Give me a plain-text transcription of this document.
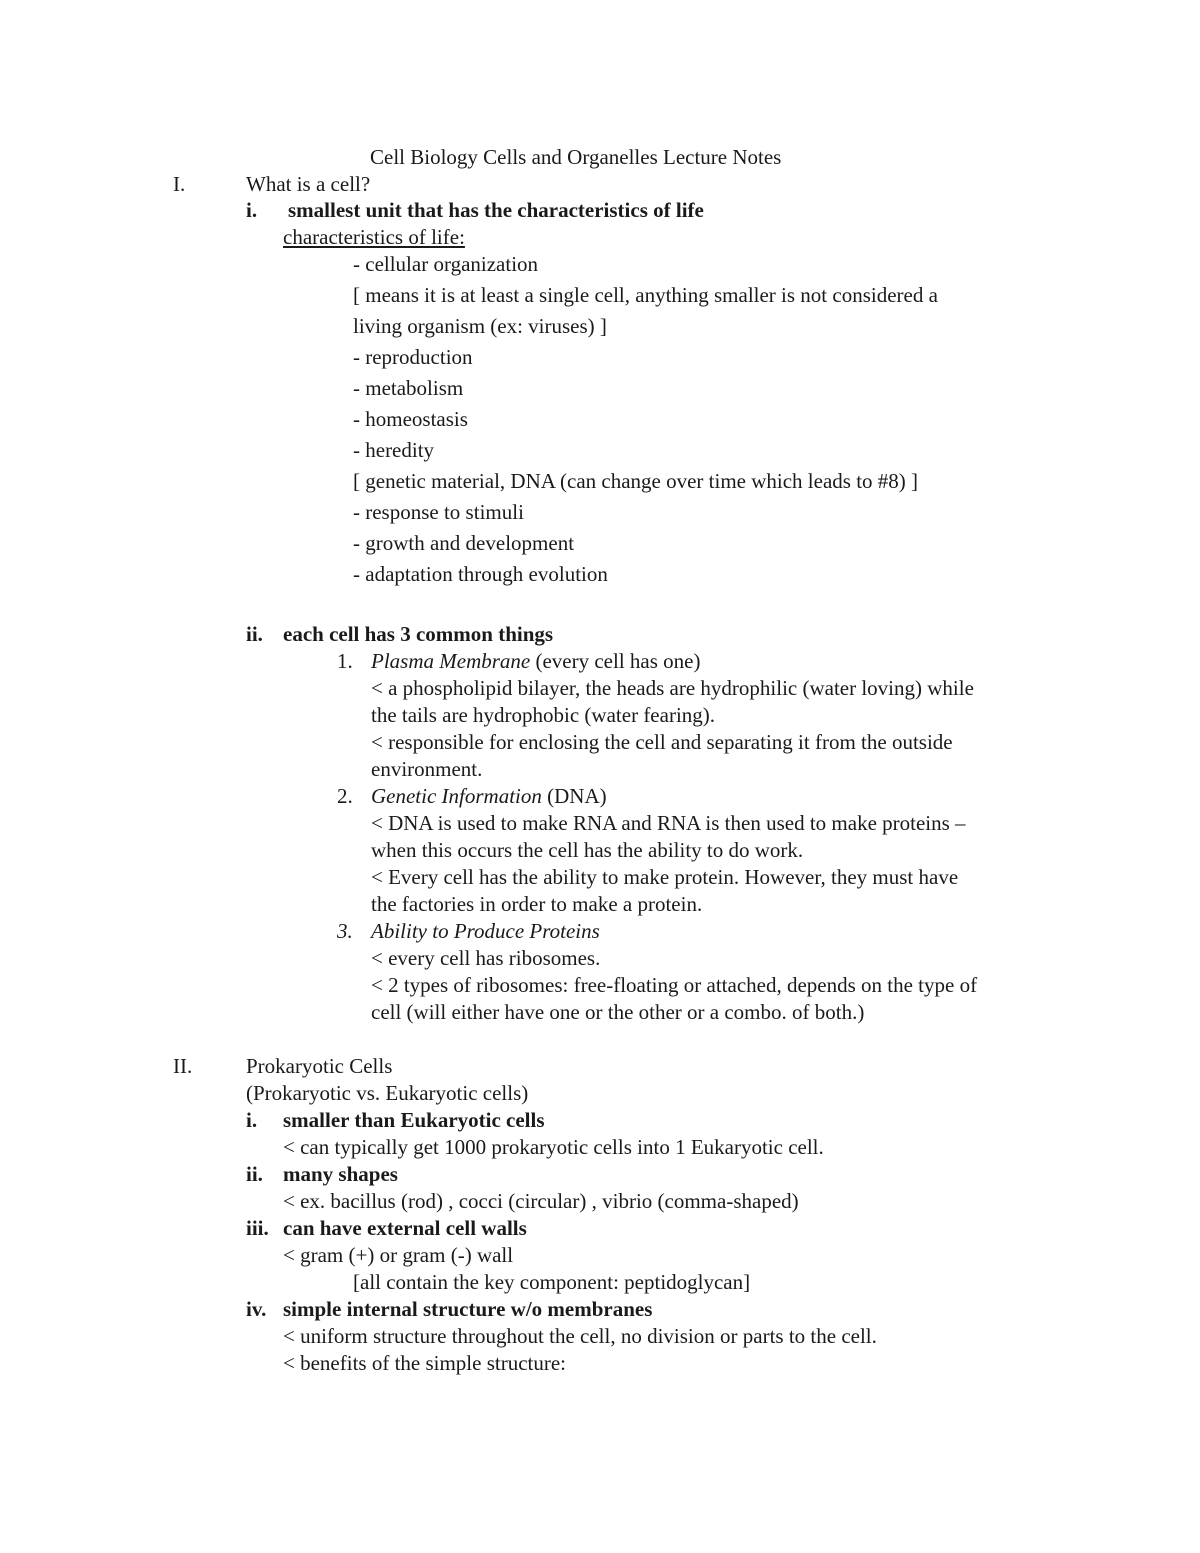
Cell Biology Cells and Organelles Lecture Notes
I.	What is a cell?
i. smallest unit that has the characteristics of life
characteristics of life:
- cellular organization
[ means it is at least a single cell, anything smaller is not considered a
living organism (ex: viruses) ]
- reproduction
- metabolism
- homeostasis
- heredity
[ genetic material, DNA (can change over time which leads to #8) ]
- response to stimuli
- growth and development
- adaptation through evolution
ii. each cell has 3 common things
1. Plasma Membrane (every cell has one)
< a phospholipid bilayer, the heads are hydrophilic (water loving) while
the tails are hydrophobic (water fearing).
< responsible for enclosing the cell and separating it from the outside
environment.
2. Genetic Information (DNA)
< DNA is used to make RNA and RNA is then used to make proteins –
when this occurs the cell has the ability to do work.
< Every cell has the ability to make protein. However, they must have
the factories in order to make a protein.
3. Ability to Produce Proteins
< every cell has ribosomes.
< 2 types of ribosomes: free-floating or attached, depends on the type of
cell (will either have one or the other or a combo. of both.)
II.	Prokaryotic Cells
(Prokaryotic vs. Eukaryotic cells)
i. smaller than Eukaryotic cells
< can typically get 1000 prokaryotic cells into 1 Eukaryotic cell.
ii. many shapes
< ex. bacillus (rod) , cocci (circular) , vibrio (comma-shaped)
iii. can have external cell walls
< gram (+) or gram (-) wall
[all contain the key component: peptidoglycan]
iv. simple internal structure w/o membranes
< uniform structure throughout the cell, no division or parts to the cell.
< benefits of the simple structure:
